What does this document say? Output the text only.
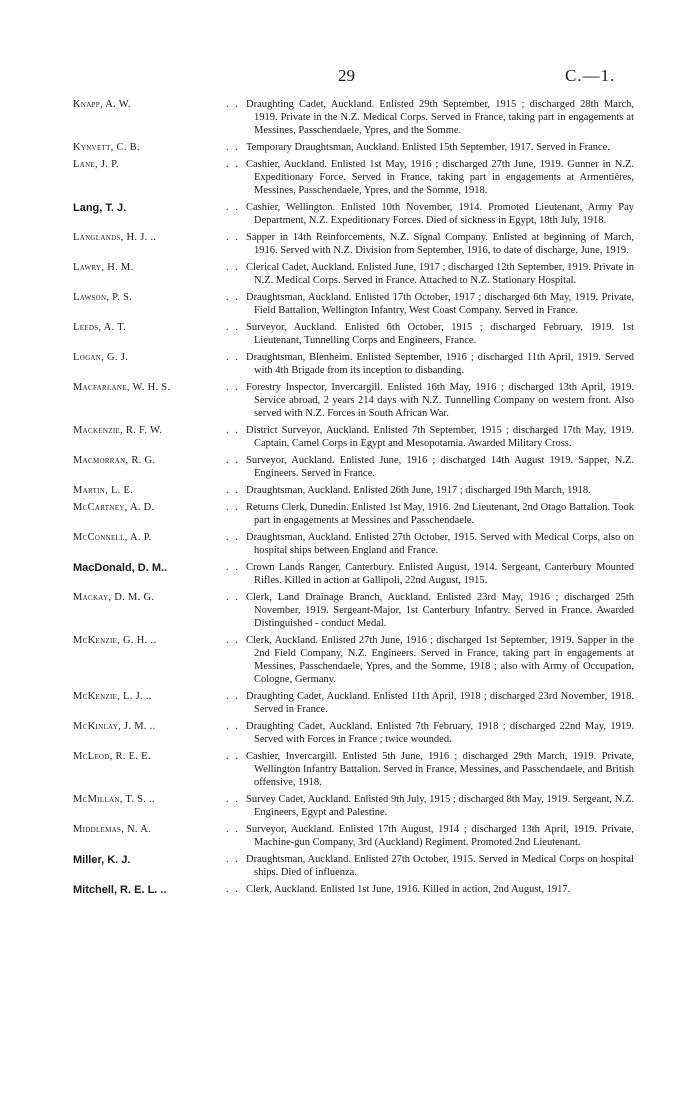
29	C.—1.
Knapp, A. W.	. . Draughting Cadet, Auckland. Enlisted 29th September, 1915 ; discharged 28th March, 1919. Private in the N.Z. Medical Corps. Served in France, taking part in engagements at Messines, Passchendaele, Ypres, and the Somme.
Kynvett, C. B.	. . Temporary Draughtsman, Auckland. Enlisted 15th September, 1917. Served in France.
Lane, J. P.	. . Cashier, Auckland. Enlisted 1st May, 1916 ; discharged 27th June, 1919. Gunner in N.Z. Expeditionary Force. Served in France, taking part in engagements at Armentières, Messines, Passchendaele, Ypres, and the Somme, 1918.
Lang, T. J.	. . Cashier, Wellington. Enlisted 10th November, 1914. Promoted Lieutenant, Army Pay Department, N.Z. Expeditionary Forces. Died of sickness in Egypt, 18th July, 1918.
Langlands, H. J. ..	. . Sapper in 14th Reinforcements, N.Z. Signal Company. Enlisted at beginning of March, 1916. Served with N.Z. Division from September, 1916, to date of discharge, June, 1919.
Lawry, H. M.	. . Clerical Cadet, Auckland. Enlisted June, 1917 ; discharged 12th September, 1919. Private in N.Z. Medical Corps. Served in France. Attached to N.Z. Stationary Hospital.
Lawson, P. S.	. . Draughtsman, Auckland. Enlisted 17th October, 1917 ; discharged 6th May, 1919. Private, Field Battalion, Wellington Infantry, West Coast Company. Served in France.
Leeds, A. T.	. . Surveyor, Auckland. Enlisted 6th October, 1915 ; discharged February, 1919. 1st Lieutenant, Tunnelling Corps and Engineers, France.
Logan, G. J.	. . Draughtsman, Blenheim. Enlisted September, 1916 ; discharged 11th April, 1919. Served with 4th Brigade from its inception to disbanding.
Macfarlane, W. H. S.	. . Forestry Inspector, Invercargill. Enlisted 16th May, 1916 ; discharged 13th April, 1919. Service abroad, 2 years 214 days with N.Z. Tunnelling Company on western front. Also served with N.Z. Forces in South African War.
Mackenzie, R. F. W.	. . District Surveyor, Auckland. Enlisted 7th September, 1915 ; discharged 17th May, 1919. Captain, Camel Corps in Egypt and Mesopotamia. Awarded Military Cross.
Macmorran, R. G.	. . Surveyor, Auckland. Enlisted June, 1916 ; discharged 14th August 1919. Sapper, N.Z. Engineers. Served in France.
Martin, L. E.	. . Draughtsman, Auckland. Enlisted 26th June, 1917 ; discharged 19th March, 1918.
McCartney, A. D.	. . Returns Clerk, Dunedin. Enlisted 1st May, 1916. 2nd Lieutenant, 2nd Otago Battalion. Took part in engagements at Messines and Passchendaele.
McConnell, A. P.	. . Draughtsman, Auckland. Enlisted 27th October, 1915. Served with Medical Corps, also on hospital ships between England and France.
MacDonald, D. M..	. . Crown Lands Ranger, Canterbury. Enlisted August, 1914. Sergeant, Canterbury Mounted Rifles. Killed in action at Gallipoli, 22nd August, 1915.
Mackay, D. M. G.	. . Clerk, Land Drainage Branch, Auckland. Enlisted 23rd May, 1916 ; discharged 25th November, 1919. Sergeant-Major, 1st Canterbury Infantry. Served in France. Awarded Distinguished - conduct Medal.
McKenzie, G. H. ..	. . Clerk, Auckland. Enlisted 27th June, 1916 ; discharged 1st September, 1919. Sapper in the 2nd Field Company, N.Z. Engineers. Served in France, taking part in engagements at Messines, Passchendaele, Ypres, and the Somme, 1918 ; also with Army of Occupation, Cologne, Germany.
McKenzie, L. J. ..	. . Draughting Cadet, Auckland. Enlisted 11th April, 1918 ; discharged 23rd November, 1918. Served in France.
McKinlay, J. M. ..	. . Draughting Cadet, Auckland. Enlisted 7th February, 1918 ; discharged 22nd May, 1919. Served with Forces in France ; twice wounded.
McLeod, R. E. E.	. . Cashier, Invercargill. Enlisted 5th June, 1916 ; discharged 29th March, 1919. Private, Wellington Infantry Battalion. Served in France, Messines, and Passchendaele, and British offensive, 1918.
McMillan, T. S. ..	. . Survey Cadet, Auckland. Enlisted 9th July, 1915 ; discharged 8th May, 1919. Sergeant, N.Z. Engineers, Egypt and Palestine.
Middlemas, N. A.	. . Surveyor, Auckland. Enlisted 17th August, 1914 ; discharged 13th April, 1919. Private, Machine-gun Company, 3rd (Auckland) Regiment. Promoted 2nd Lieutenant.
Miller, K. J.	. . Draughtsman, Auckland. Enlisted 27th October, 1915. Served in Medical Corps on hospital ships. Died of influenza.
Mitchell, R. E. L. ..	. . Clerk, Auckland. Enlisted 1st June, 1916. Killed in action, 2nd August, 1917.
